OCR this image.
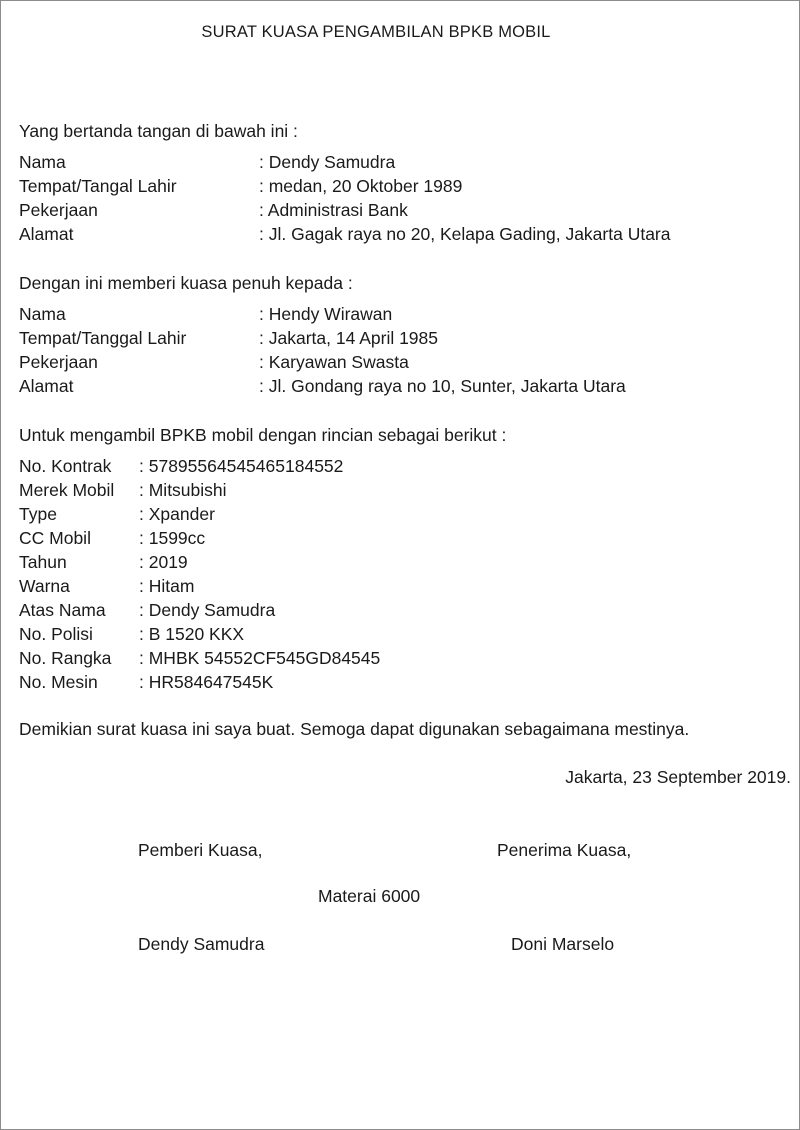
SURAT KUASA PENGAMBILAN BPKB MOBIL
Yang bertanda tangan di bawah ini :
Nama	: Dendy Samudra
Tempat/Tangal Lahir	: medan, 20 Oktober 1989
Pekerjaan	: Administrasi Bank
Alamat	: Jl. Gagak raya no 20, Kelapa Gading, Jakarta Utara
Dengan ini memberi kuasa penuh kepada :
Nama	: Hendy Wirawan
Tempat/Tanggal Lahir	: Jakarta, 14 April 1985
Pekerjaan	: Karyawan Swasta
Alamat	: Jl. Gondang raya no 10, Sunter, Jakarta Utara
Untuk mengambil BPKB mobil dengan rincian sebagai berikut :
No. Kontrak	: 57895564545465184552
Merek Mobil	: Mitsubishi
Type	: Xpander
CC Mobil	: 1599cc
Tahun	: 2019
Warna	: Hitam
Atas Nama	: Dendy Samudra
No. Polisi	: B 1520 KKX
No. Rangka	: MHBK 54552CF545GD84545
No. Mesin	: HR584647545K
Demikian surat kuasa ini saya buat. Semoga dapat digunakan sebagaimana mestinya.
Jakarta, 23 September 2019.
Pemberi Kuasa,	Penerima Kuasa,
Materai 6000
Dendy Samudra	Doni Marselo
